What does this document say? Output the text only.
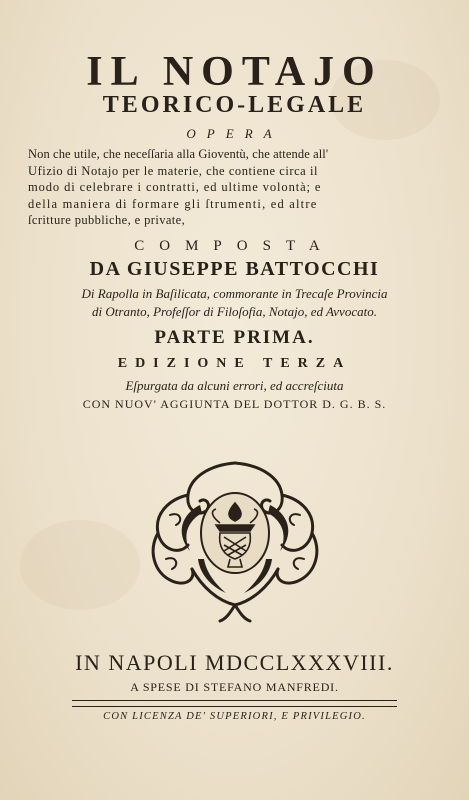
IL NOTAJO
TEORICO-LEGALE
OPERA
Non che utile, che neceſſaria alla Gioventù, che attende all'
Ufizio di Notajo per le materie, che contiene circa il
modo di celebrare i contratti, ed ultime volontà; e
della maniera di formare gli ſtrumenti, ed altre
ſcritture pubbliche, e private,
COMPOSTA
DA GIUSEPPE BATTOCCHI
Di Rapolla in Baſilicata, commorante in Trecaſe Provincia
di Otranto, Profeſſor di Filoſofia, Notajo, ed Avvocato.
PARTE PRIMA.
EDIZIONE TERZA
Eſpurgata da alcuni errori, ed accreſciuta
CON NUOV' AGGIUNTA DEL DOTTOR D. G. B. S.
IN NAPOLI MDCCLXXXVIII.
A SPESE DI STEFANO MANFREDI.
CON LICENZA DE' SUPERIORI, E PRIVILEGIO.
